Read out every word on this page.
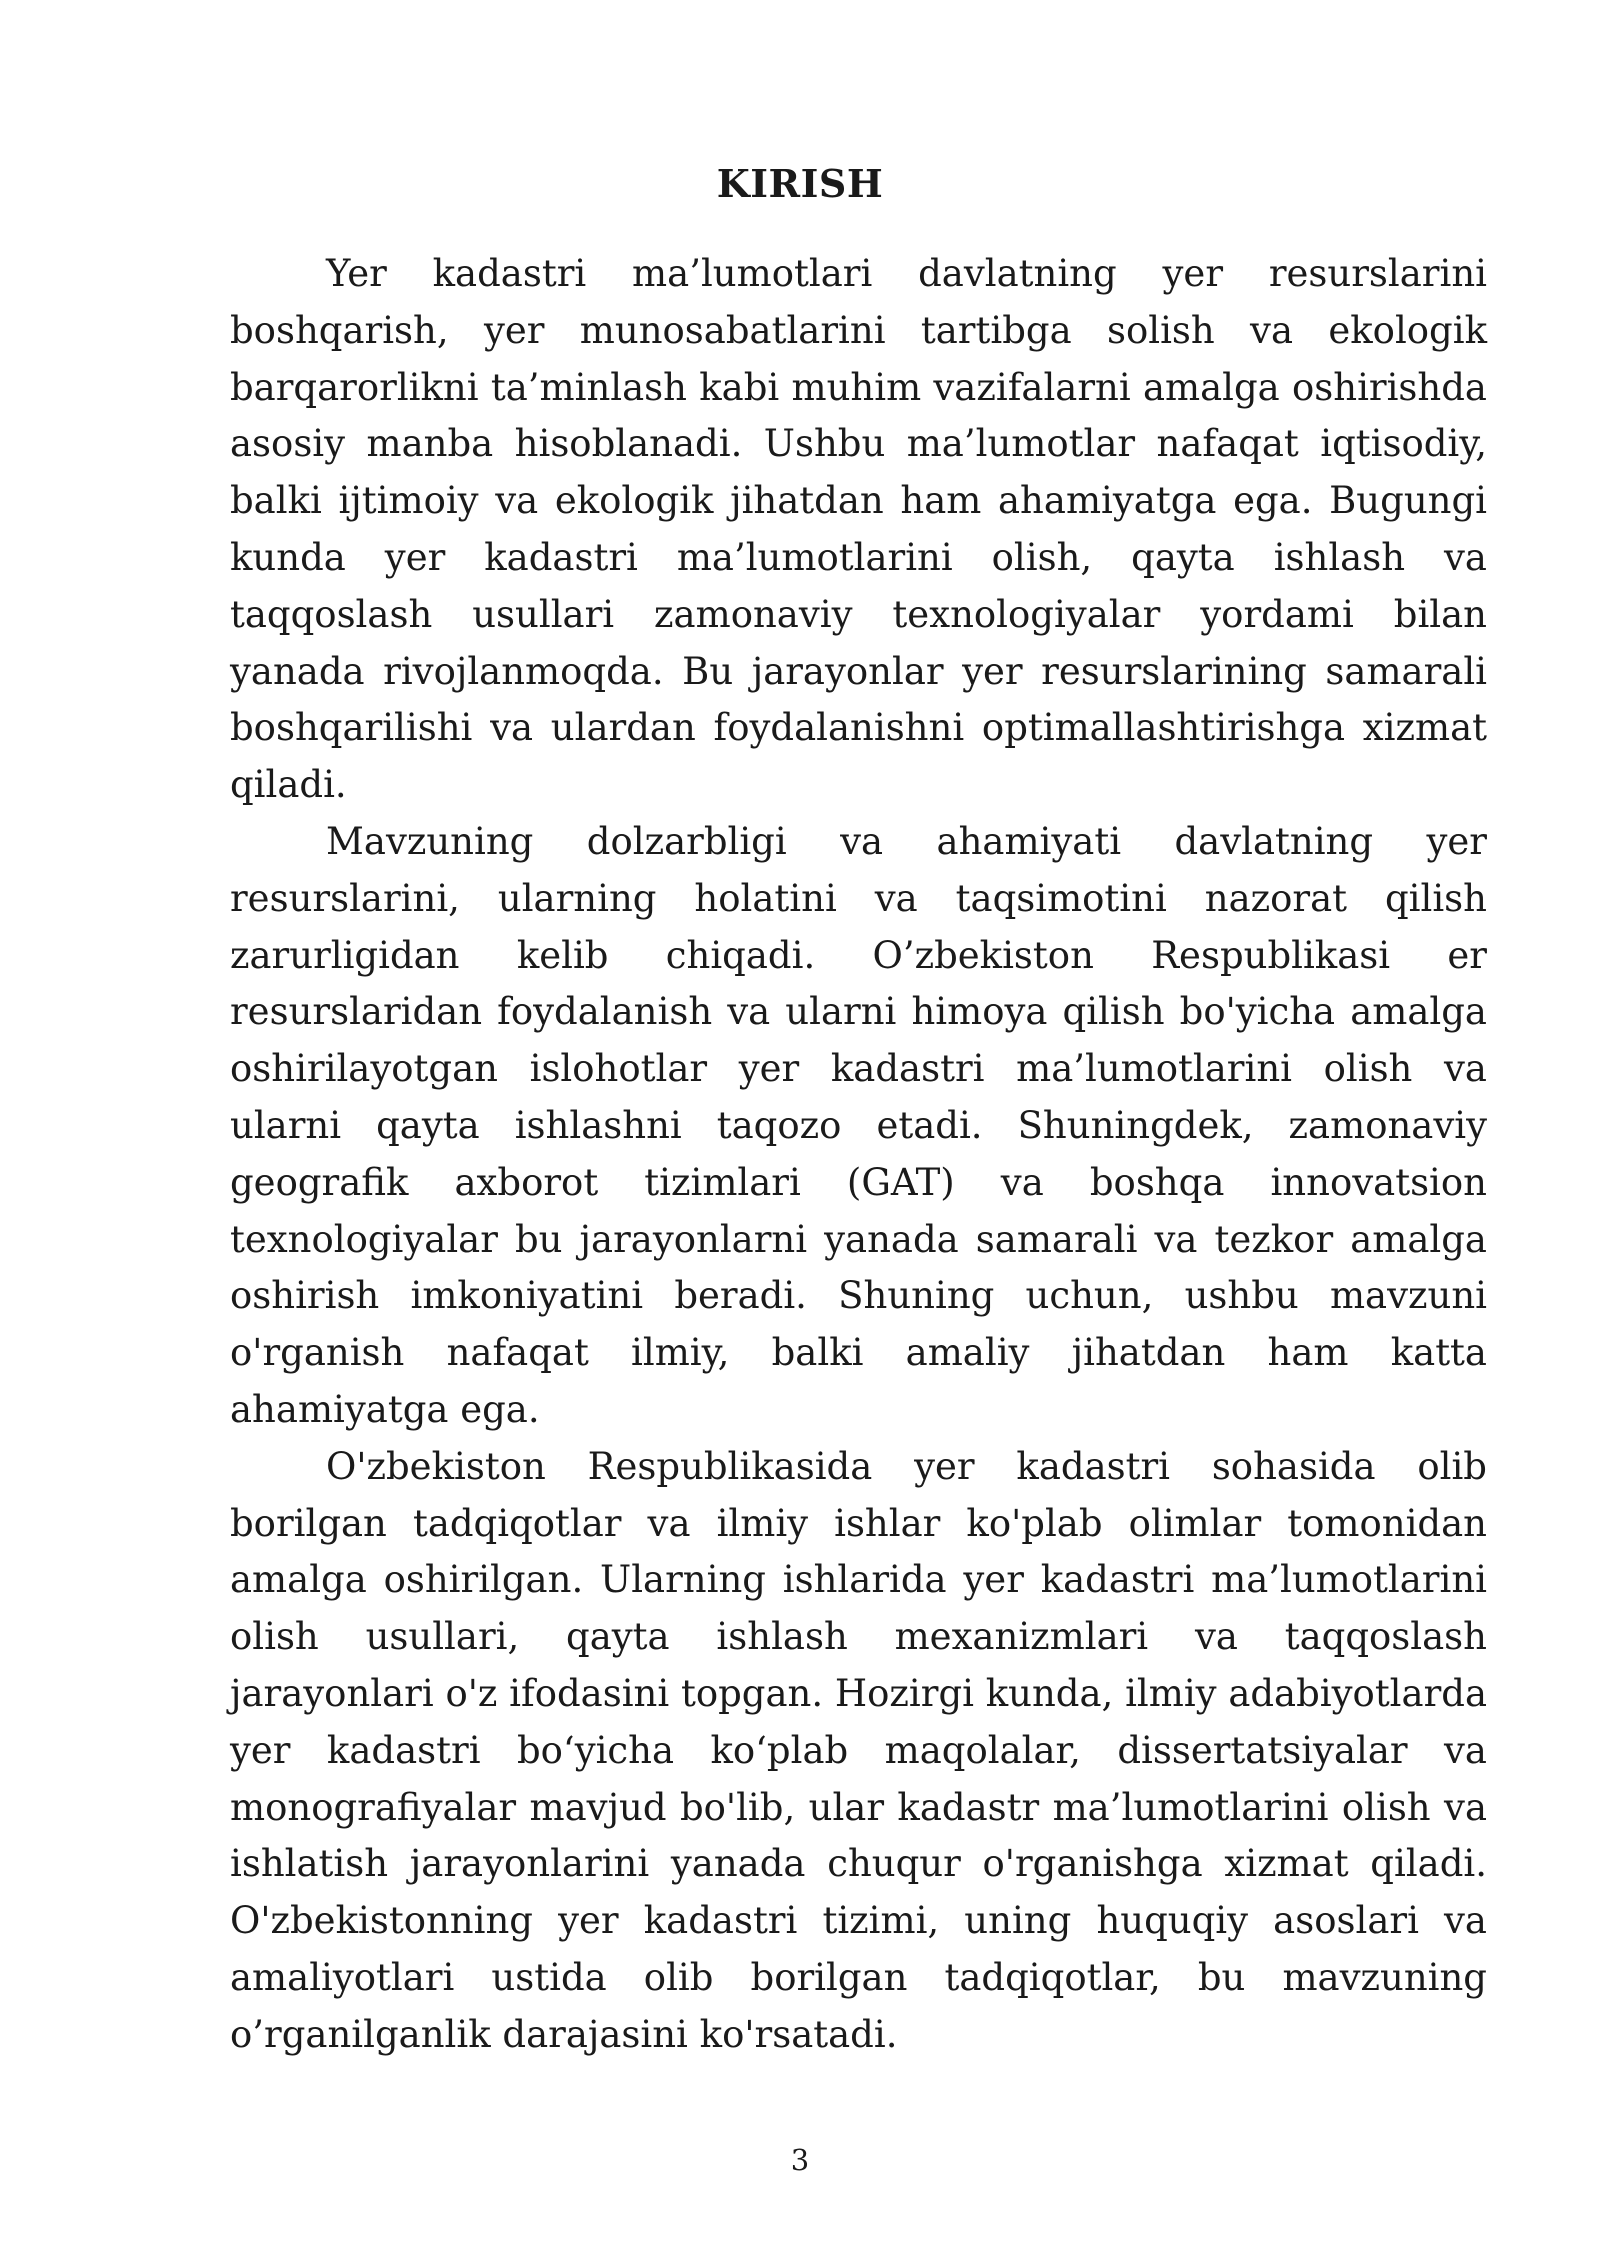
KIRISH

Yer kadastri ma’lumotlari davlatning yer resurslarini boshqarish, yer munosabatlarini tartibga solish va ekologik barqarorlikni ta’minlash kabi muhim vazifalarni amalga oshirishda asosiy manba hisoblanadi. Ushbu ma’lumotlar nafaqat iqtisodiy, balki ijtimoiy va ekologik jihatdan ham ahamiyatga ega. Bugungi kunda yer kadastri ma’lumotlarini olish, qayta ishlash va taqqoslash usullari zamonaviy texnologiyalar yordami bilan yanada rivojlanmoqda. Bu jarayonlar yer resurslarining samarali boshqarilishi va ulardan foydalanishni optimallashtirishga xizmat qiladi.

Mavzuning dolzarbligi va ahamiyati davlatning yer resurslarini, ularning holatini va taqsimotini nazorat qilish zarurligidan kelib chiqadi. O’zbekiston Respublikasi er resurslaridan foydalanish va ularni himoya qilish bo'yicha amalga oshirilayotgan islohotlar yer kadastri ma’lumotlarini olish va ularni qayta ishlashni taqozo etadi. Shuningdek, zamonaviy geografik axborot tizimlari (GAT) va boshqa innovatsion texnologiyalar bu jarayonlarni yanada samarali va tezkor amalga oshirish imkoniyatini beradi. Shuning uchun, ushbu mavzuni o'rganish nafaqat ilmiy, balki amaliy jihatdan ham katta ahamiyatga ega.

O'zbekiston Respublikasida yer kadastri sohasida olib borilgan tadqiqotlar va ilmiy ishlar ko'plab olimlar tomonidan amalga oshirilgan. Ularning ishlarida yer kadastri ma’lumotlarini olish usullari, qayta ishlash mexanizmlari va taqqoslash jarayonlari o'z ifodasini topgan. Hozirgi kunda, ilmiy adabiyotlarda yer kadastri bo‘yicha ko‘plab maqolalar, dissertatsiyalar va monografiyalar mavjud bo'lib, ular kadastr ma’lumotlarini olish va ishlatish jarayonlarini yanada chuqur o'rganishga xizmat qiladi. O'zbekistonning yer kadastri tizimi, uning huquqiy asoslari va amaliyotlari ustida olib borilgan tadqiqotlar, bu mavzuning o’rganilganlik darajasini ko'rsatadi.

3
